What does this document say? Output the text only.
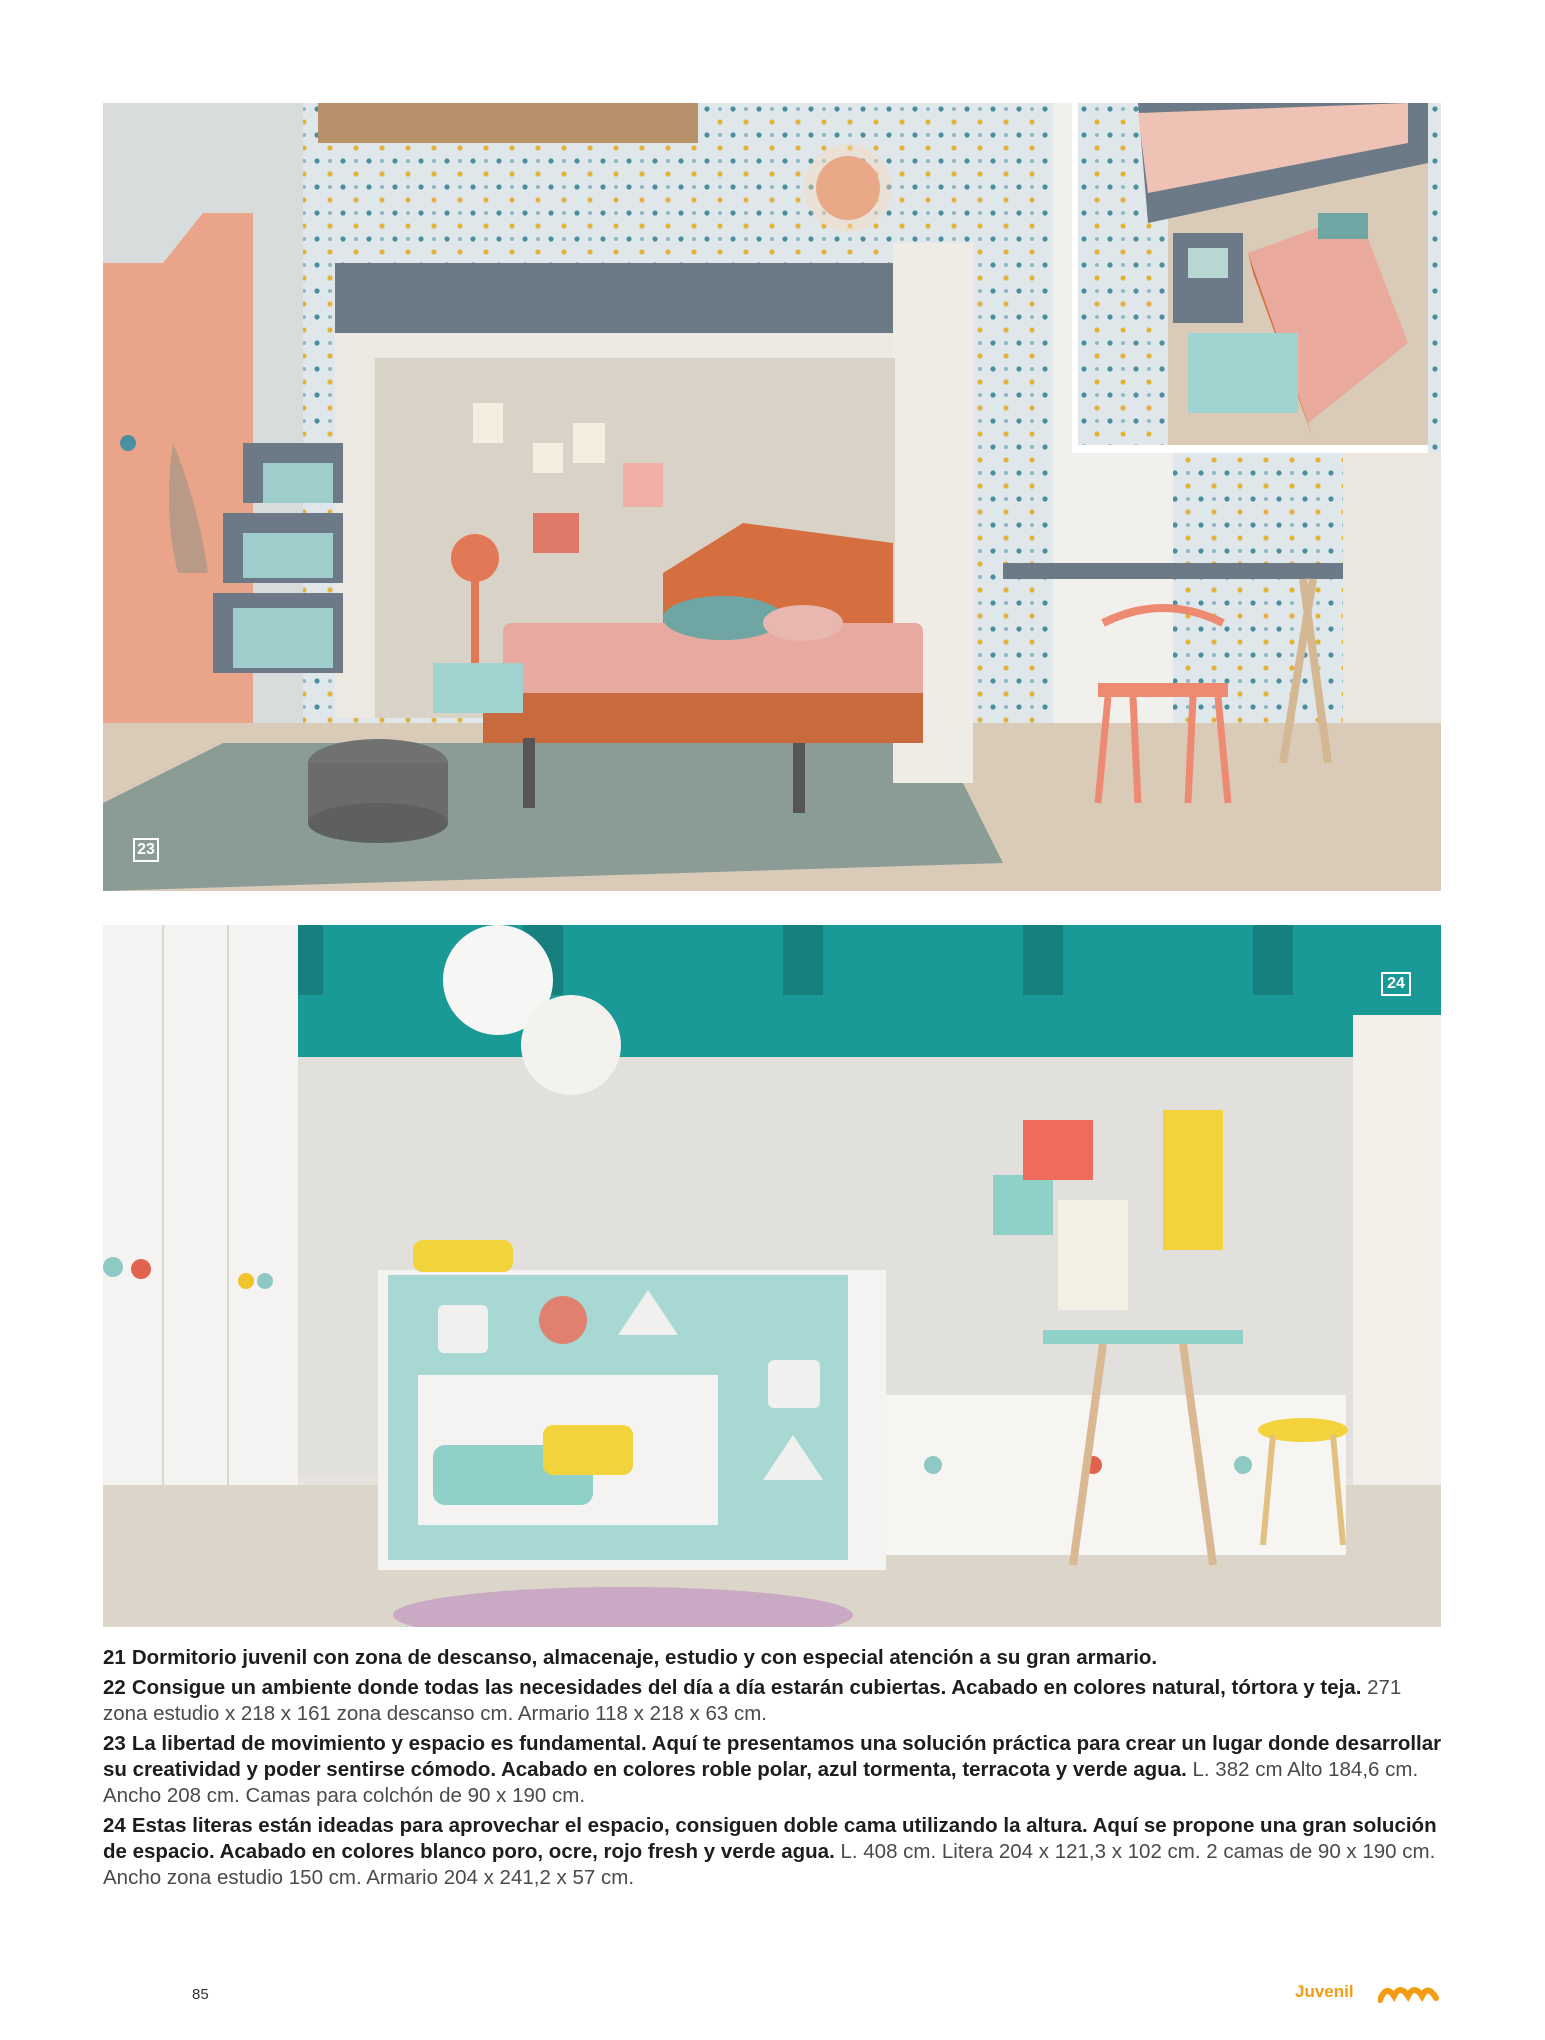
23
24

21 Dormitorio juvenil con zona de descanso, almacenaje, estudio y con especial atención a su gran armario.

22 Consigue un ambiente donde todas las necesidades del día a día estarán cubiertas. Acabado en colores natural, tórtora y teja. 271 zona estudio x 218 x 161 zona descanso cm. Armario 118 x 218 x 63 cm.

23 La libertad de movimiento y espacio es fundamental. Aquí te presentamos una solución práctica para crear un lugar donde desarrollar su creatividad y poder sentirse cómodo. Acabado en colores roble polar, azul tormenta, terracota y verde agua. L. 382 cm Alto 184,6 cm. Ancho 208 cm. Camas para colchón de 90 x 190 cm.

24 Estas literas están ideadas para aprovechar el espacio, consiguen doble cama utilizando la altura. Aquí se propone una gran solución de espacio. Acabado en colores blanco poro, ocre, rojo fresh y verde agua. L. 408 cm. Litera 204 x 121,3 x 102 cm. 2 camas de 90 x 190 cm. Ancho zona estudio 150 cm. Armario 204 x 241,2 x 57 cm.

85	Juvenil
